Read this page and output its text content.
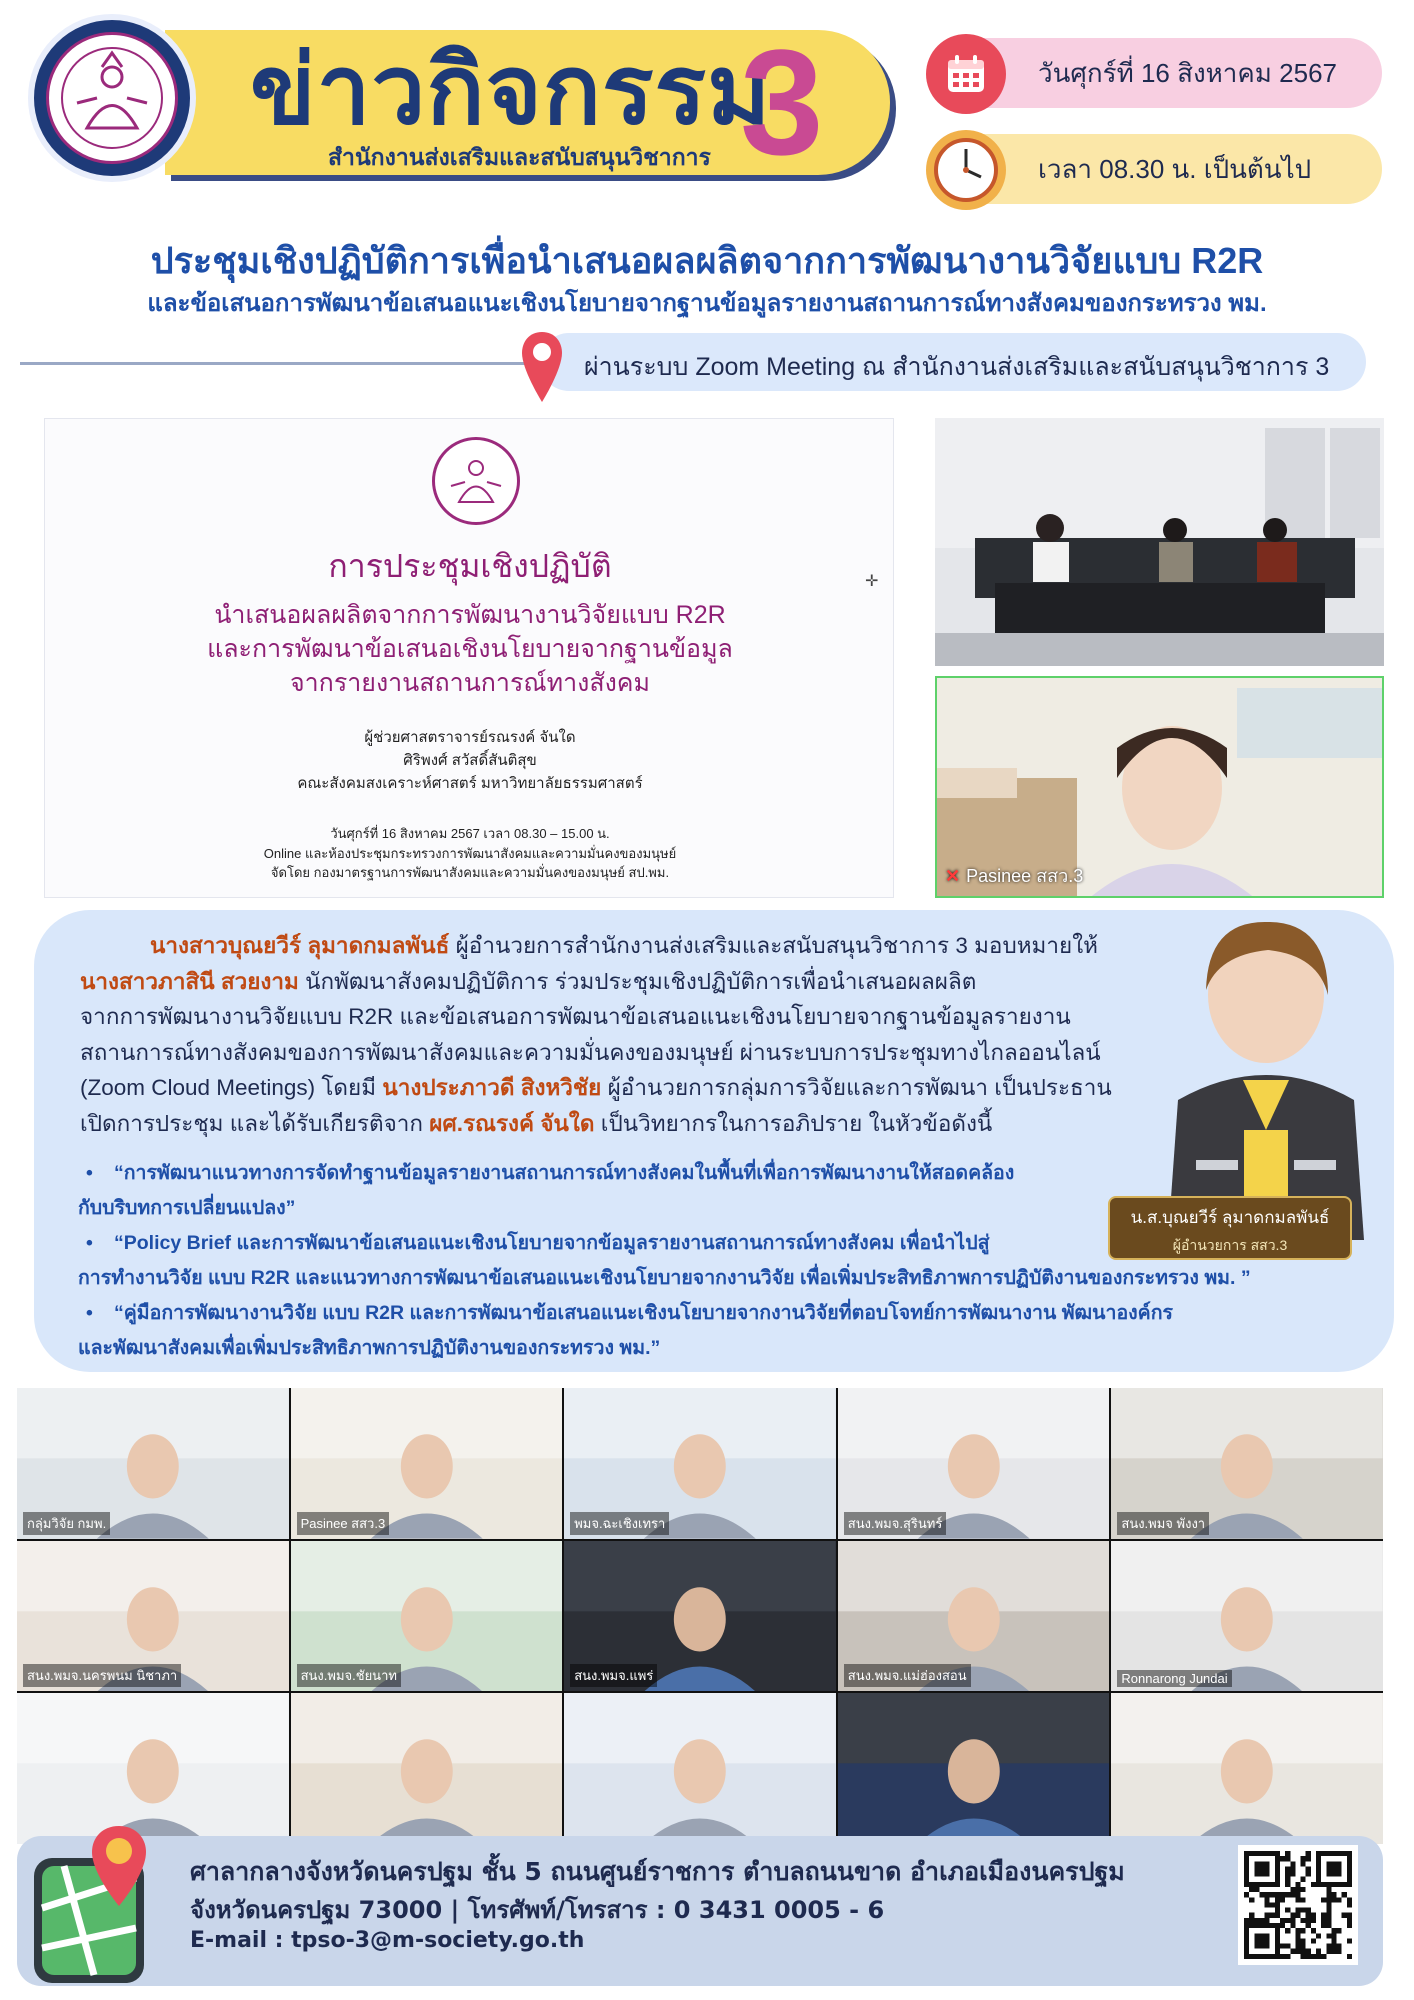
ข่าวกิจกรรม
3
สำนักงานส่งเสริมและสนับสนุนวิชาการ
วันศุกร์ที่ 16 สิงหาคม 2567
เวลา 08.30 น. เป็นต้นไป
ประชุมเชิงปฏิบัติการเพื่อนำเสนอผลผลิตจากการพัฒนางานวิจัยแบบ R2R
และข้อเสนอการพัฒนาข้อเสนอแนะเชิงนโยบายจากฐานข้อมูลรายงานสถานการณ์ทางสังคมของกระทรวง พม.
ผ่านระบบ Zoom Meeting ณ สำนักงานส่งเสริมและสนับสนุนวิชาการ 3
การประชุมเชิงปฏิบัติ
นำเสนอผลผลิตจากการพัฒนางานวิจัยแบบ R2R
และการพัฒนาข้อเสนอเชิงนโยบายจากฐานข้อมูล
จากรายงานสถานการณ์ทางสังคม
ผู้ช่วยศาสตราจารย์รณรงค์ จันใด
ศิริพงศ์ สวัสดิ์สันติสุข
คณะสังคมสงเคราะห์ศาสตร์ มหาวิทยาลัยธรรมศาสตร์
วันศุกร์ที่ 16 สิงหาคม 2567 เวลา 08.30 – 15.00 น.
Online และห้องประชุมกระทรวงการพัฒนาสังคมและความมั่นคงของมนุษย์
จัดโดย กองมาตรฐานการพัฒนาสังคมและความมั่นคงของมนุษย์ สป.พม.
✛
✕ Pasinee สสว.3
นางสาวบุณยวีร์ ลุมาดกมลพันธ์ ผู้อำนวยการสำนักงานส่งเสริมและสนับสนุนวิชาการ 3 มอบหมายให้
นางสาวภาสินี สวยงาม นักพัฒนาสังคมปฏิบัติการ ร่วมประชุมเชิงปฏิบัติการเพื่อนำเสนอผลผลิต
จากการพัฒนางานวิจัยแบบ R2R และข้อเสนอการพัฒนาข้อเสนอแนะเชิงนโยบายจากฐานข้อมูลรายงาน
สถานการณ์ทางสังคมของการพัฒนาสังคมและความมั่นคงของมนุษย์ ผ่านระบบการประชุมทางไกลออนไลน์
(Zoom Cloud Meetings) โดยมี นางประภาวดี สิงหวิชัย ผู้อำนวยการกลุ่มการวิจัยและการพัฒนา เป็นประธาน
เปิดการประชุม และได้รับเกียรติจาก ผศ.รณรงค์ จันใด เป็นวิทยากรในการอภิปราย ในหัวข้อดังนี้
• “การพัฒนาแนวทางการจัดทำฐานข้อมูลรายงานสถานการณ์ทางสังคมในพื้นที่เพื่อการพัฒนางานให้สอดคล้อง
กับบริบทการเปลี่ยนแปลง”
• “Policy Brief และการพัฒนาข้อเสนอแนะเชิงนโยบายจากข้อมูลรายงานสถานการณ์ทางสังคม เพื่อนำไปสู่
การทำงานวิจัย แบบ R2R และแนวทางการพัฒนาข้อเสนอแนะเชิงนโยบายจากงานวิจัย เพื่อเพิ่มประสิทธิภาพการปฏิบัติงานของกระทรวง พม. ”
• “คู่มือการพัฒนางานวิจัย แบบ R2R และการพัฒนาข้อเสนอแนะเชิงนโยบายจากงานวิจัยที่ตอบโจทย์การพัฒนางาน พัฒนาองค์กร
และพัฒนาสังคมเพื่อเพิ่มประสิทธิภาพการปฏิบัติงานของกระทรวง พม.”
น.ส.บุณยวีร์ ลุมาดกมลพันธ์
ผู้อำนวยการ สสว.3
กลุ่มวิจัย กมพ.	Pasinee สสว.3	พมจ.ฉะเชิงเทรา	สนง.พมจ.สุรินทร์	สนง.พมจ พังงา
สนง.พมจ.นครพนม นิชาภา	สนง.พมจ.ชัยนาท	สนง.พมจ.แพร่	สนง.พมจ.แม่ฮ่องสอน	Ronnarong Jundai
ศาลากลางจังหวัดนครปฐม ชั้น 5 ถนนศูนย์ราชการ ตำบลถนนขาด อำเภอเมืองนครปฐม
จังหวัดนครปฐม 73000 | โทรศัพท์/โทรสาร : 0 3431 0005 - 6
E-mail : tpso-3@m-society.go.th
